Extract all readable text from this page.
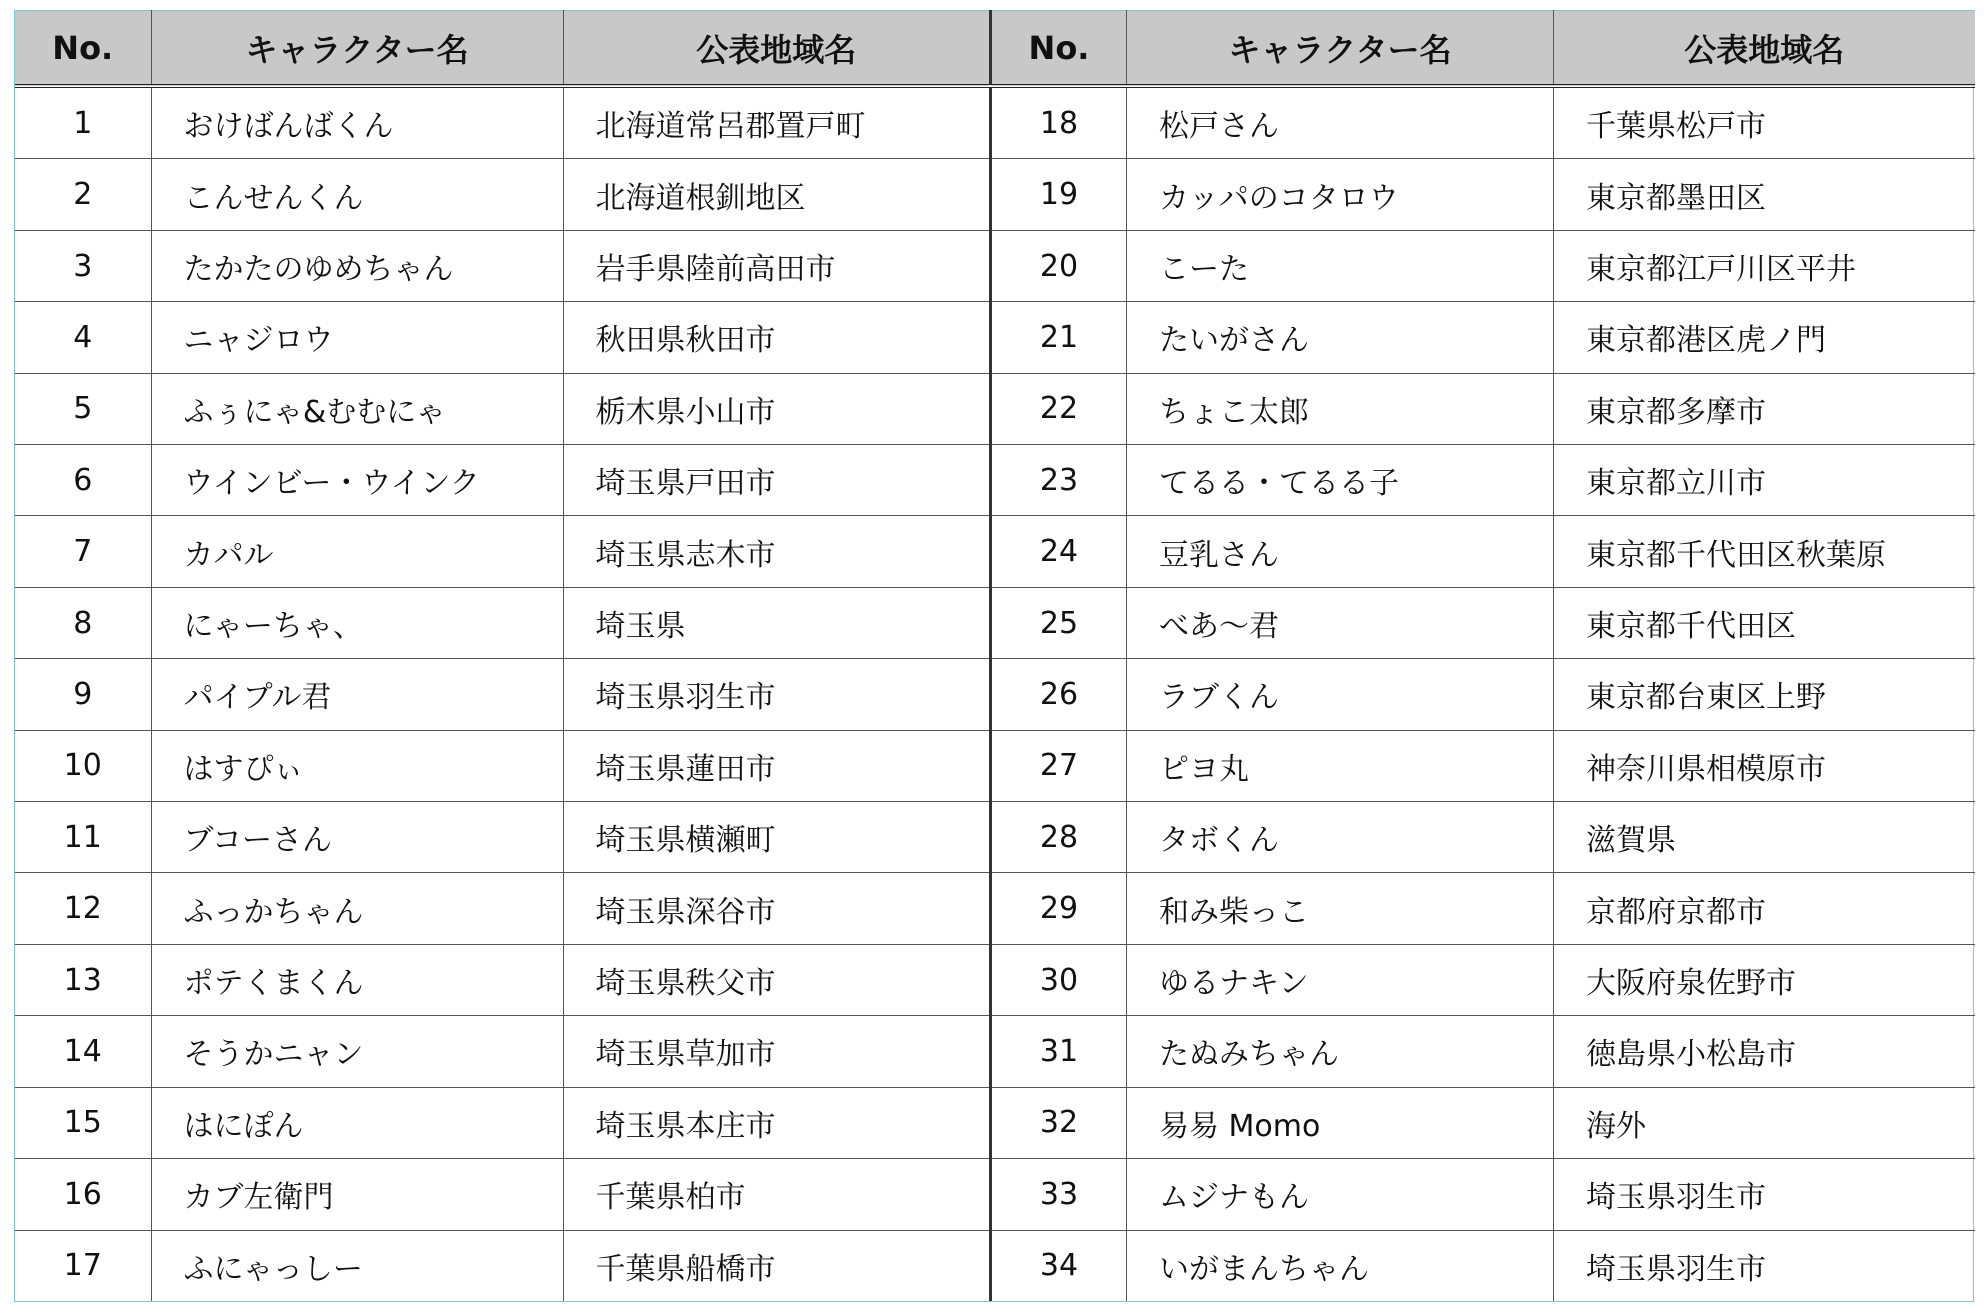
No.	キャラクター名	公表地域名
1	おけばんばくん	北海道常呂郡置戸町
2	こんせんくん	北海道根釧地区
3	たかたのゆめちゃん	岩手県陸前高田市
4	ニャジロウ	秋田県秋田市
5	ふぅにゃ&むむにゃ	栃木県小山市
6	ウインビー・ウインク	埼玉県戸田市
7	カパル	埼玉県志木市
8	にゃーちゃ、	埼玉県
9	パイプル君	埼玉県羽生市
10	はすぴぃ	埼玉県蓮田市
11	ブコーさん	埼玉県横瀬町
12	ふっかちゃん	埼玉県深谷市
13	ポテくまくん	埼玉県秩父市
14	そうかニャン	埼玉県草加市
15	はにぽん	埼玉県本庄市
16	カブ左衛門	千葉県柏市
17	ふにゃっしー	千葉県船橋市
No.	キャラクター名	公表地域名
18	松戸さん	千葉県松戸市
19	カッパのコタロウ	東京都墨田区
20	こーた	東京都江戸川区平井
21	たいがさん	東京都港区虎ノ門
22	ちょこ太郎	東京都多摩市
23	てるる・てるる子	東京都立川市
24	豆乳さん	東京都千代田区秋葉原
25	べあ～君	東京都千代田区
26	ラブくん	東京都台東区上野
27	ピヨ丸	神奈川県相模原市
28	タボくん	滋賀県
29	和み柴っこ	京都府京都市
30	ゆるナキン	大阪府泉佐野市
31	たぬみちゃん	徳島県小松島市
32	易易 Momo	海外
33	ムジナもん	埼玉県羽生市
34	いがまんちゃん	埼玉県羽生市
